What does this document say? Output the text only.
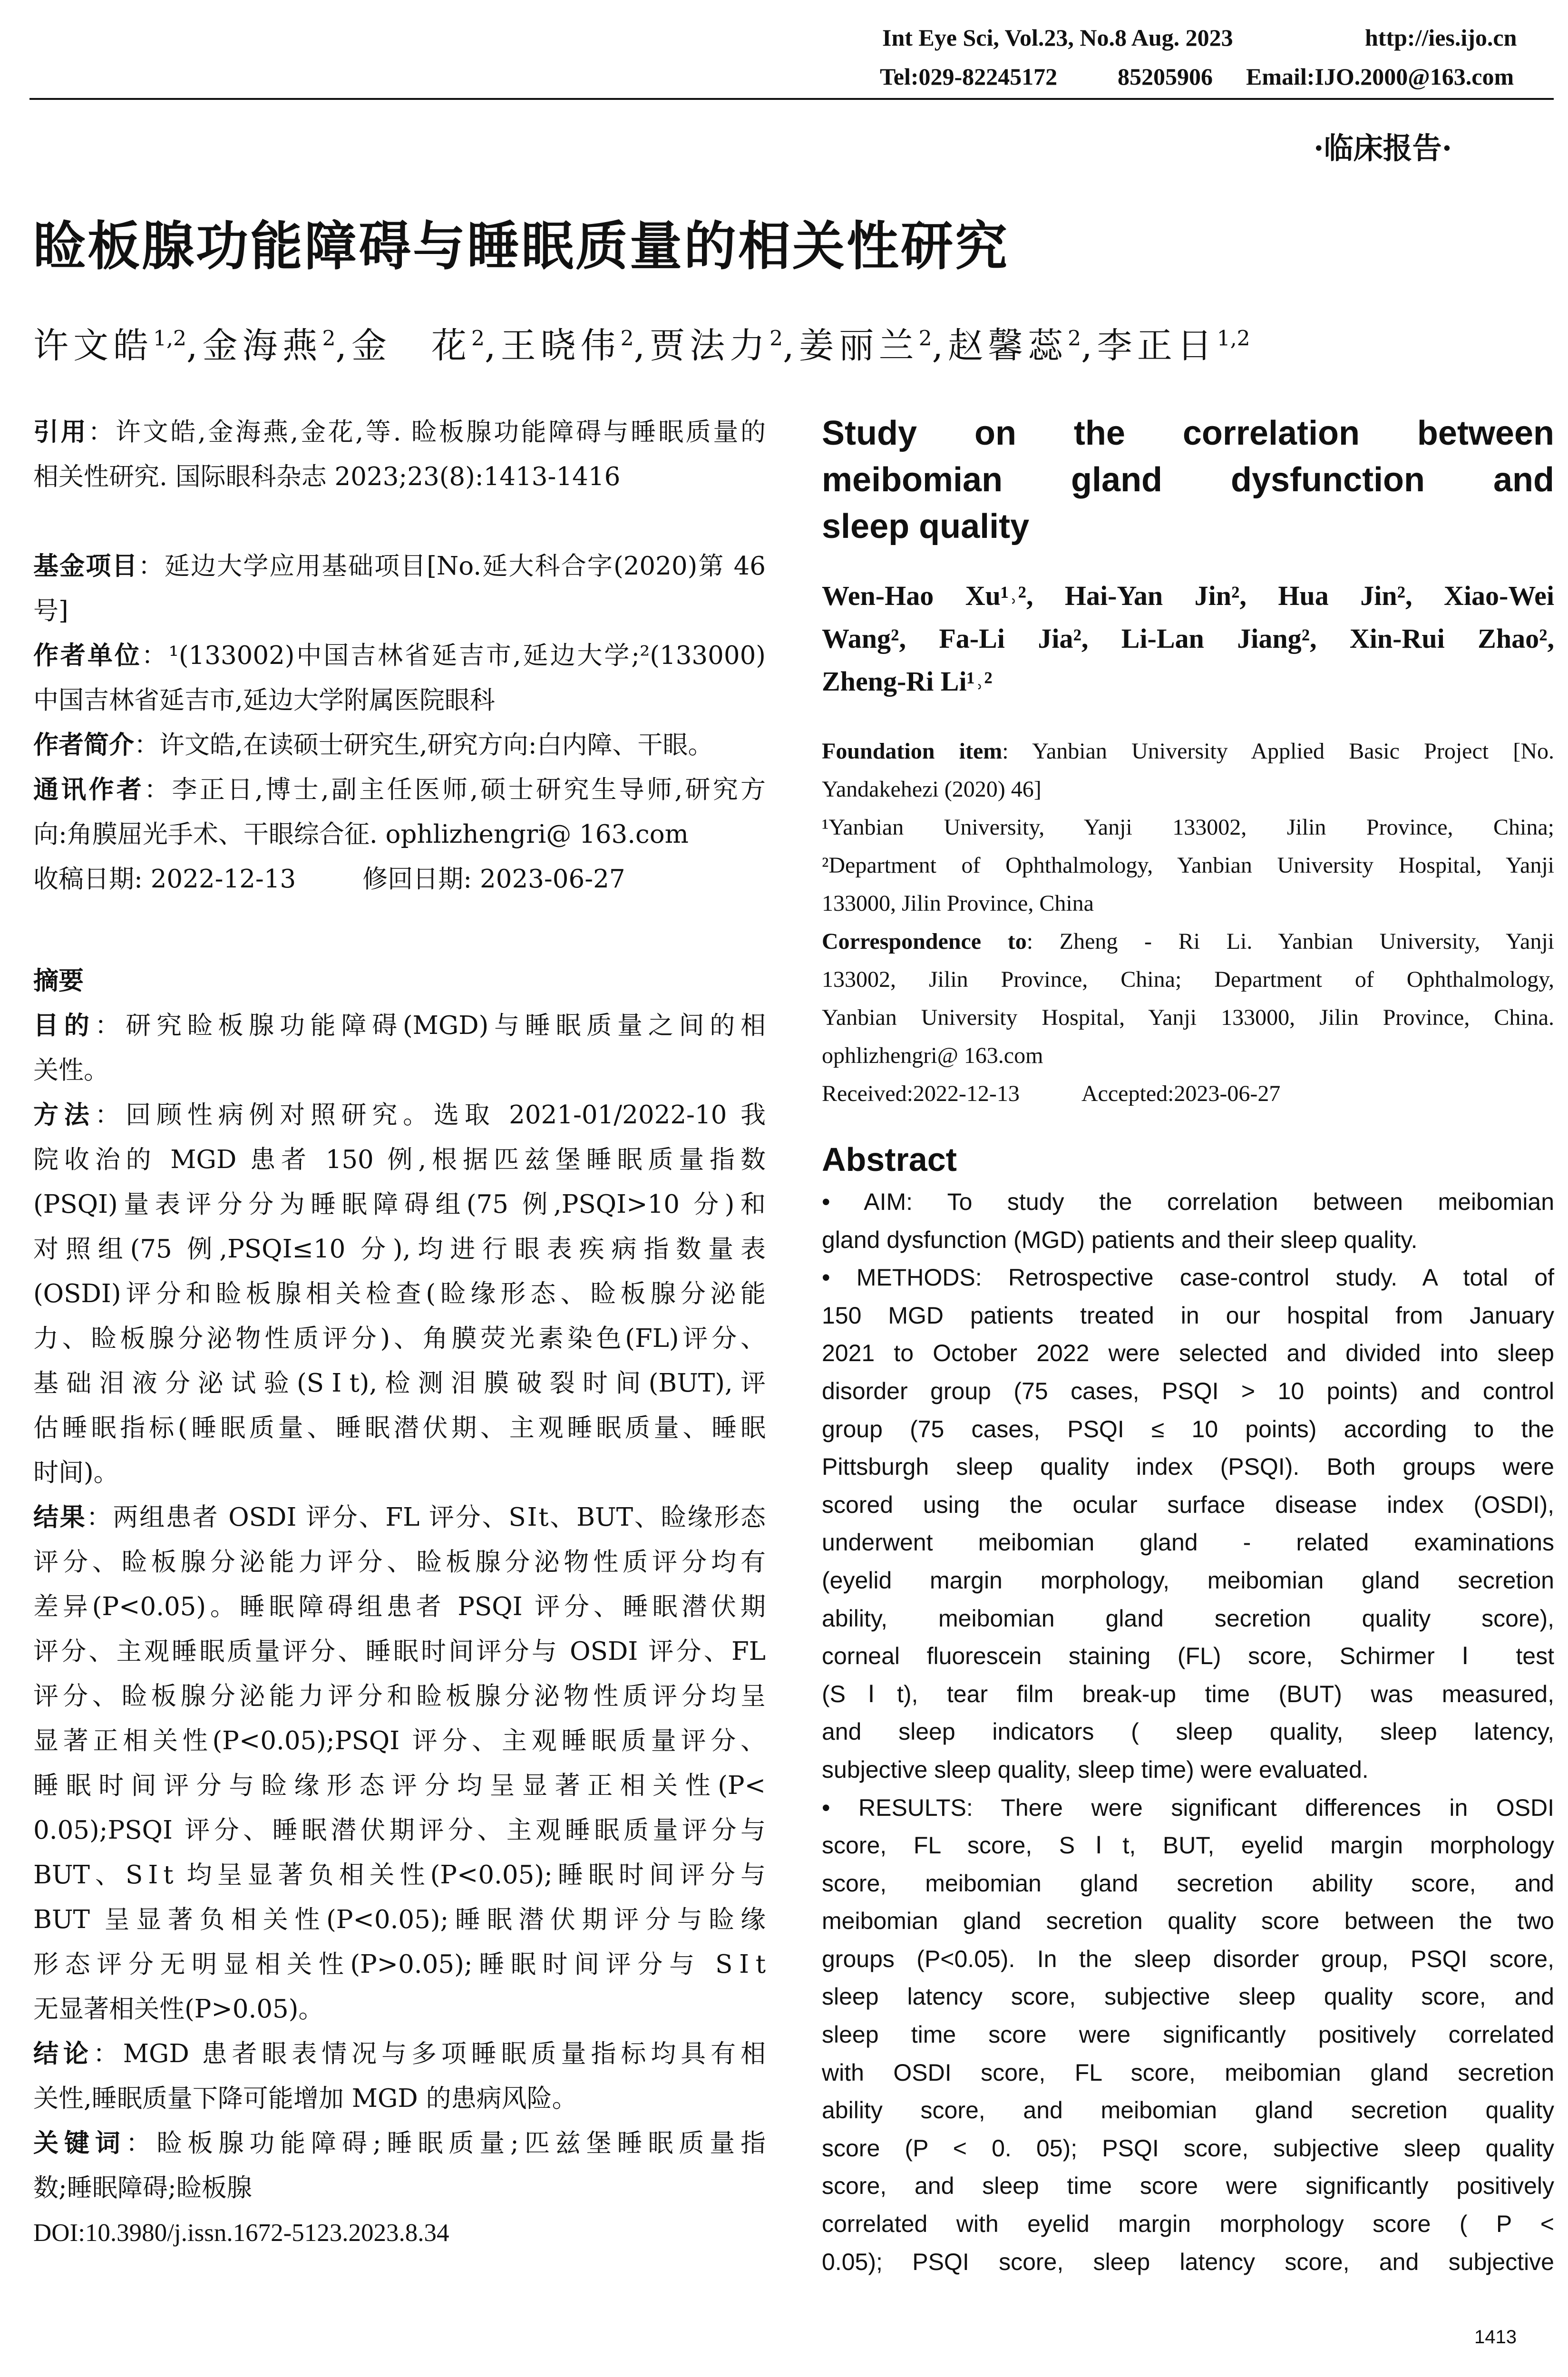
Int Eye Sci, Vol.23, No.8 Aug. 2023	http://ies.ijo.cn
Tel:029-82245172	85205906 Email:IJO.2000@163.com
·临床报告·
睑板腺功能障碍与睡眠质量的相关性研究
许文皓$^{1,2}$,金海燕$^2$,金　花$^2$,王晓伟$^2$,贾法力$^2$,姜丽兰$^2$,赵馨蕊$^2$,李正日$^{1,2}$
引用：许文皓,金海燕,金花,等. 睑板腺功能障碍与睡眠质量的
相关性研究. 国际眼科杂志 2023;23(8):1413-1416
基金项目：延边大学应用基础项目[No.延大科合字(2020)第 46
号]
作者单位：¹(133002)中国吉林省延吉市,延边大学;²(133000)
中国吉林省延吉市,延边大学附属医院眼科
作者简介：许文皓,在读硕士研究生,研究方向:白内障、干眼。
通讯作者：李正日,博士,副主任医师,硕士研究生导师,研究方
向:角膜屈光手术、干眼综合征. ophlizhengri@ 163.com
收稿日期: 2022-12-13	修回日期: 2023-06-27
摘要
目的：研究睑板腺功能障碍(MGD)与睡眠质量之间的相
关性。
方法：回顾性病例对照研究。选取 2021-01/2022-10 我
院收治的 MGD 患者 150 例,根据匹兹堡睡眠质量指数
(PSQI)量表评分分为睡眠障碍组(75 例,PSQI>10 分)和
对照组(75 例,PSQI≤10 分),均进行眼表疾病指数量表
(OSDI)评分和睑板腺相关检查(睑缘形态、睑板腺分泌能
力、睑板腺分泌物性质评分)、角膜荧光素染色(FL)评分、
基础泪液分泌试验(SⅠt),检测泪膜破裂时间(BUT),评
估睡眠指标(睡眠质量、睡眠潜伏期、主观睡眠质量、睡眠
时间)。
结果：两组患者 OSDI 评分、FL 评分、SⅠt、BUT、睑缘形态
评分、睑板腺分泌能力评分、睑板腺分泌物性质评分均有
差异(P<0.05)。睡眠障碍组患者 PSQI 评分、睡眠潜伏期
评分、主观睡眠质量评分、睡眠时间评分与 OSDI 评分、FL
评分、睑板腺分泌能力评分和睑板腺分泌物性质评分均呈
显著正相关性(P<0.05);PSQI 评分、主观睡眠质量评分、
睡眠时间评分与睑缘形态评分均呈显著正相关性(P<
0.05);PSQI 评分、睡眠潜伏期评分、主观睡眠质量评分与
BUT、SⅠt 均呈显著负相关性(P<0.05);睡眠时间评分与
BUT 呈显著负相关性(P<0.05);睡眠潜伏期评分与睑缘
形态评分无明显相关性(P>0.05);睡眠时间评分与 SⅠt
无显著相关性(P>0.05)。
结论：MGD 患者眼表情况与多项睡眠质量指标均具有相
关性,睡眠质量下降可能增加 MGD 的患病风险。
关键词：睑板腺功能障碍;睡眠质量;匹兹堡睡眠质量指
数;睡眠障碍;睑板腺
DOI:10.3980/j.issn.1672-5123.2023.8.34
Study on the correlation between
meibomian gland dysfunction and
sleep quality
Wen-Hao Xu¹˒², Hai-Yan Jin², Hua Jin², Xiao-Wei
Wang², Fa-Li Jia², Li-Lan Jiang², Xin-Rui Zhao²,
Zheng-Ri Li¹˒²
Foundation item: Yanbian University Applied Basic Project [No.
Yandakehezi (2020) 46]
¹Yanbian University, Yanji 133002, Jilin Province, China;
²Department of Ophthalmology, Yanbian University Hospital, Yanji
133000, Jilin Province, China
Correspondence to: Zheng - Ri Li. Yanbian University, Yanji
133002, Jilin Province, China; Department of Ophthalmology,
Yanbian University Hospital, Yanji 133000, Jilin Province, China.
ophlizhengri@ 163.com
Received:2022-12-13	Accepted:2023-06-27
Abstract
• AIM: To study the correlation between meibomian
gland dysfunction (MGD) patients and their sleep quality.
• METHODS: Retrospective case-control study. A total of
150 MGD patients treated in our hospital from January
2021 to October 2022 were selected and divided into sleep
disorder group (75 cases, PSQI > 10 points) and control
group (75 cases, PSQI ≤ 10 points) according to the
Pittsburgh sleep quality index (PSQI). Both groups were
scored using the ocular surface disease index (OSDI),
underwent meibomian gland - related examinations
(eyelid margin morphology, meibomian gland secretion
ability, meibomian gland secretion quality score),
corneal fluorescein staining (FL) score, Schirmer Ⅰ test
(SⅠt), tear film break-up time (BUT) was measured,
and sleep indicators ( sleep quality, sleep latency,
subjective sleep quality, sleep time) were evaluated.
• RESULTS: There were significant differences in OSDI
score, FL score, SⅠt, BUT, eyelid margin morphology
score, meibomian gland secretion ability score, and
meibomian gland secretion quality score between the two
groups (P<0.05). In the sleep disorder group, PSQI score,
sleep latency score, subjective sleep quality score, and
sleep time score were significantly positively correlated
with OSDI score, FL score, meibomian gland secretion
ability score, and meibomian gland secretion quality
score (P < 0. 05); PSQI score, subjective sleep quality
score, and sleep time score were significantly positively
correlated with eyelid margin morphology score ( P <
0.05); PSQI score, sleep latency score, and subjective
1413
